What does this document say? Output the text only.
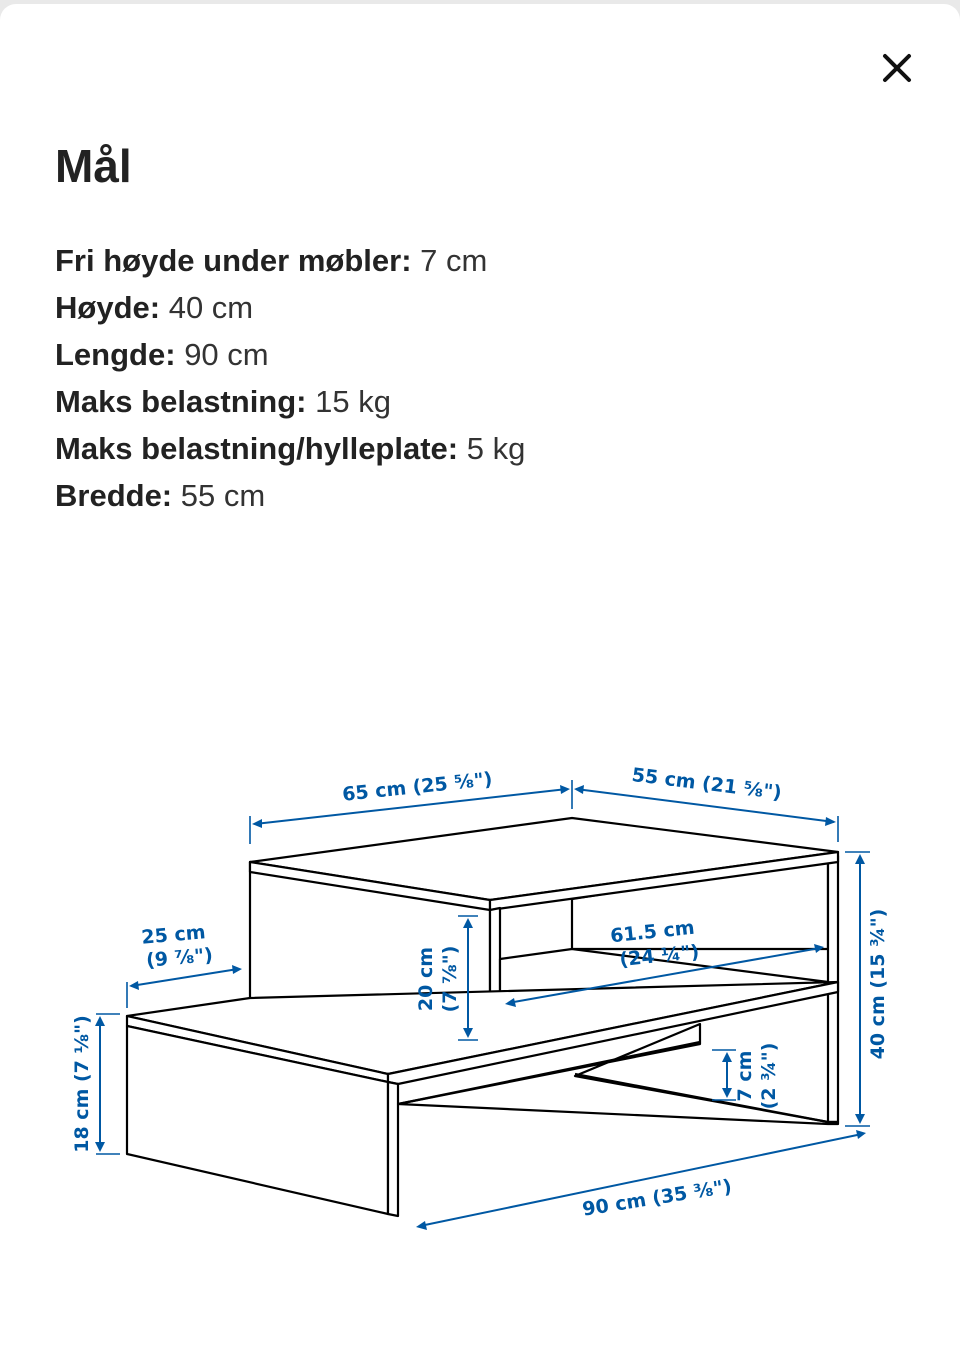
Mål
Fri høyde under møbler: 7 cm
Høyde: 40 cm
Lengde: 90 cm
Maks belastning: 15 kg
Maks belastning/hylleplate: 5 kg
Bredde: 55 cm
65 cm (25 ⅝")	55 cm (21 ⅝")
25 cm
(9 ⅞")	20 cm (7 ⅞")
61.5 cm
(24 ¼")
18 cm (7 ⅛")
40 cm (15 ¾")
7 cm (2 ¾")
90 cm (35 ⅜")
